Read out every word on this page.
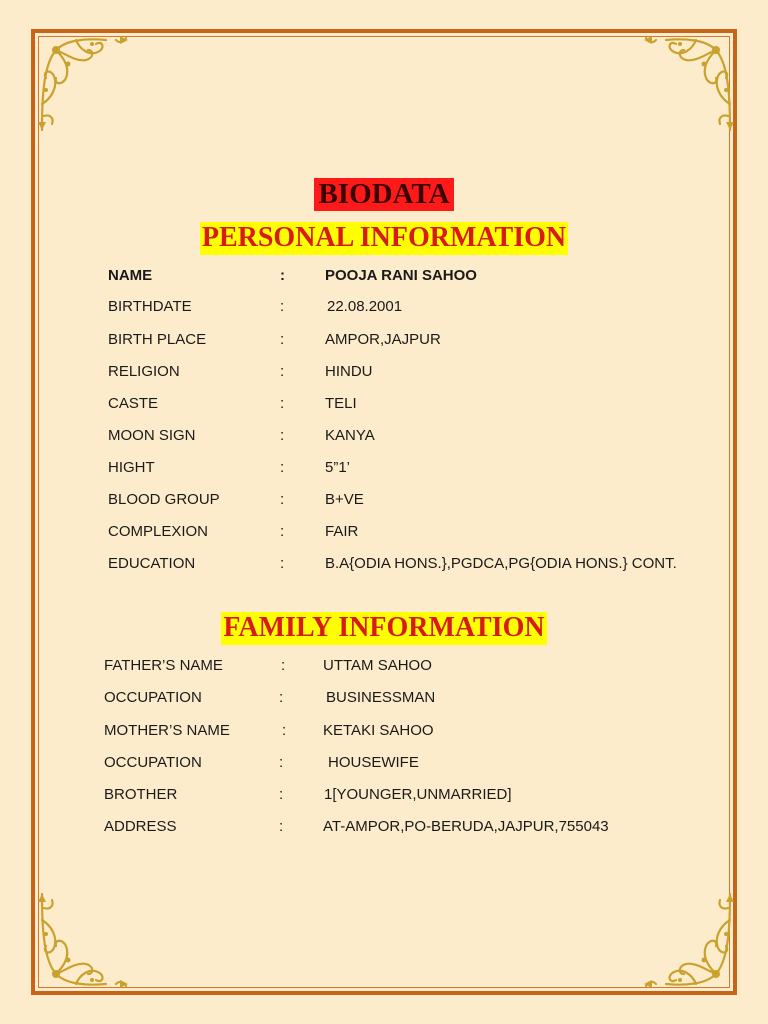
BIODATA
PERSONAL INFORMATION
NAME	:	POOJA RANI SAHOO
BIRTHDATE	:	22.08.2001
BIRTH PLACE	:	AMPOR,JAJPUR
RELIGION	:	HINDU
CASTE	:	TELI
MOON SIGN	:	KANYA
HIGHT	:	5”1’
BLOOD GROUP	:	B+VE
COMPLEXION	:	FAIR
EDUCATION	:	B.A{ODIA HONS.},PGDCA,PG{ODIA HONS.} CONT.
FAMILY INFORMATION
FATHER’S NAME	:	UTTAM SAHOO
OCCUPATION	:	BUSINESSMAN
MOTHER’S NAME	: KETAKI SAHOO
OCCUPATION	:	HOUSEWIFE
BROTHER	:	1[YOUNGER,UNMARRIED]
ADDRESS	:	AT-AMPOR,PO-BERUDA,JAJPUR,755043
